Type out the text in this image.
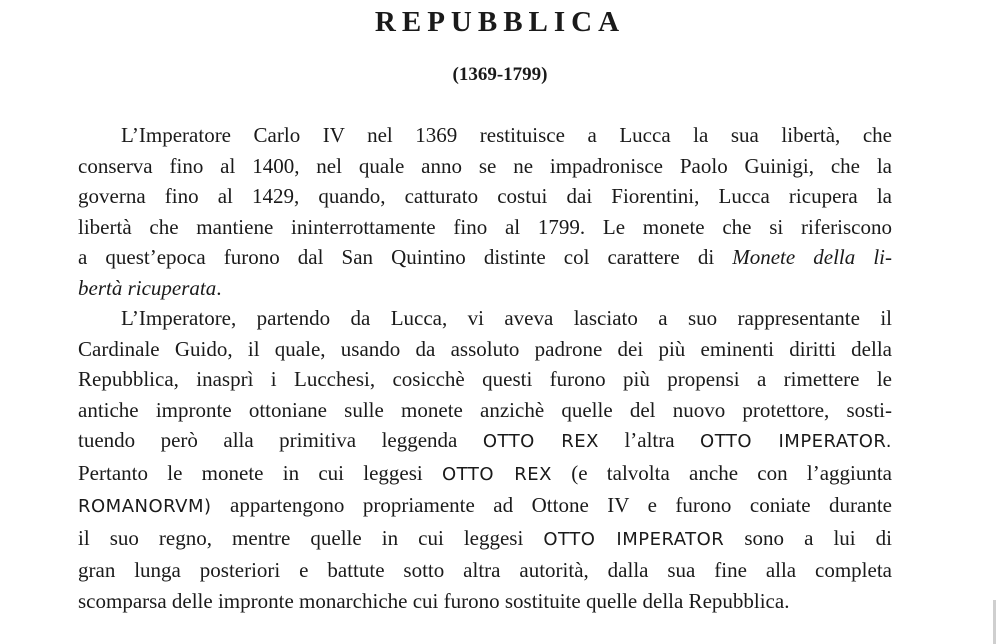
REPUBBLICA
(1369-1799)
L’Imperatore Carlo IV nel 1369 restituisce a Lucca la sua libertà, che
conserva fino al 1400, nel quale anno se ne impadronisce Paolo Guinigi, che la
governa fino al 1429, quando, catturato costui dai Fiorentini, Lucca ricupera la
libertà che mantiene ininterrottamente fino al 1799. Le monete che si riferiscono
a quest’epoca furono dal San Quintino distinte col carattere di Monete della li-
bertà ricuperata.
L’Imperatore, partendo da Lucca, vi aveva lasciato a suo rappresentante il
Cardinale Guido, il quale, usando da assoluto padrone dei più eminenti diritti della
Repubblica, inasprì i Lucchesi, cosicchè questi furono più propensi a rimettere le
antiche impronte ottoniane sulle monete anzichè quelle del nuovo protettore, sosti-
tuendo però alla primitiva leggenda OTTO REX l’altra OTTO IMPERATOR.
Pertanto le monete in cui leggesi OTTO REX (e talvolta anche con l’aggiunta
ROMANORVM) appartengono propriamente ad Ottone IV e furono coniate durante
il suo regno, mentre quelle in cui leggesi OTTO IMPERATOR sono a lui di
gran lunga posteriori e battute sotto altra autorità, dalla sua fine alla completa
scomparsa delle impronte monarchiche cui furono sostituite quelle della Repubblica.
